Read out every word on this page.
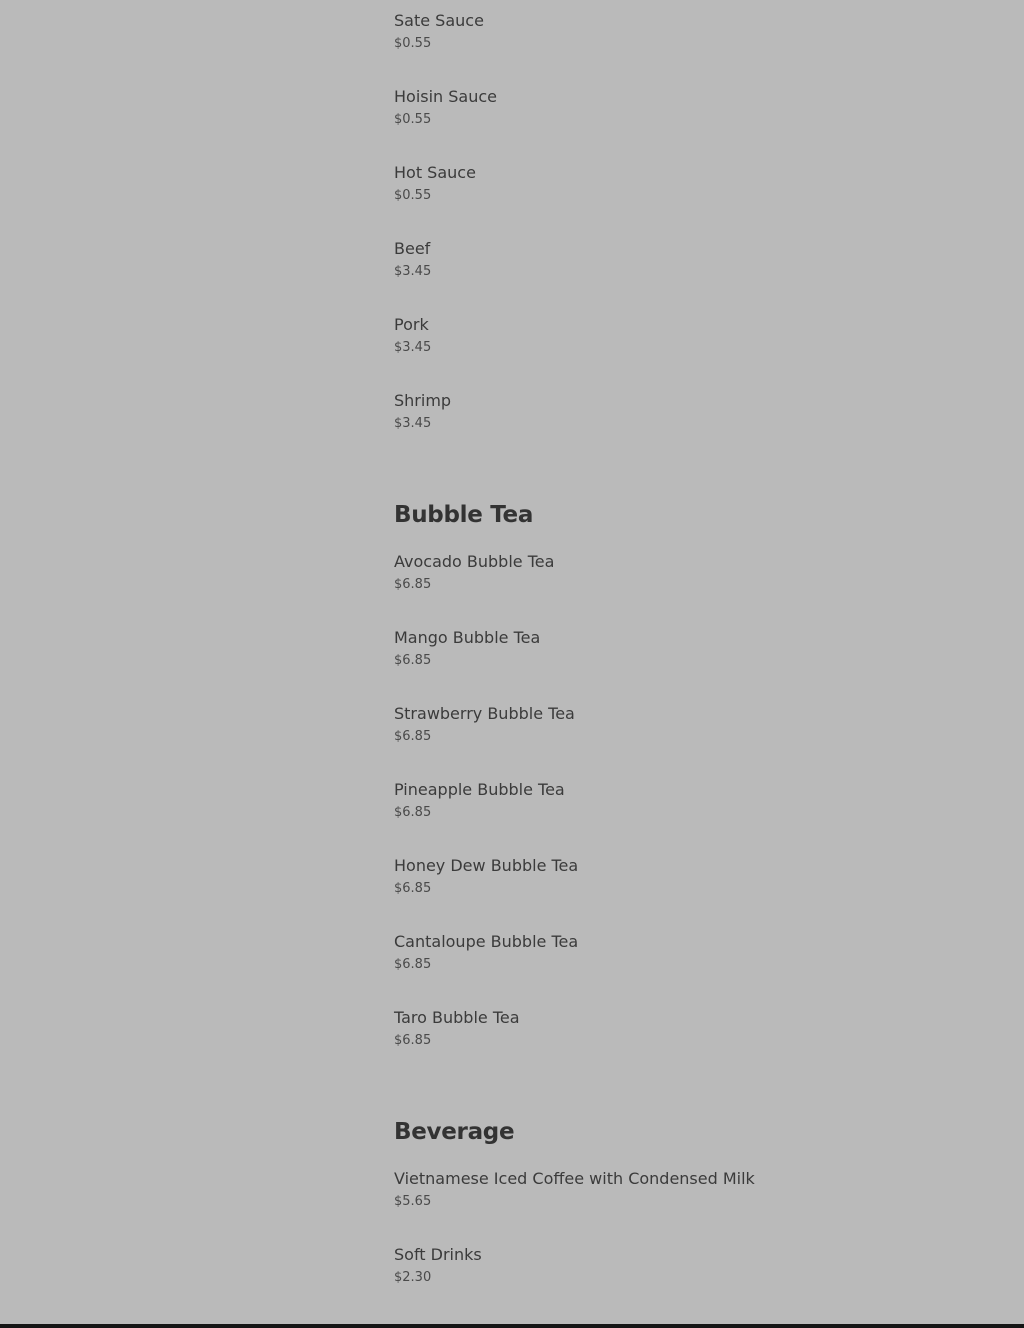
Sate Sauce
$0.55
Hoisin Sauce
$0.55
Hot Sauce
$0.55
Beef
$3.45
Pork
$3.45
Shrimp
$3.45
Bubble Tea
Avocado Bubble Tea
$6.85
Mango Bubble Tea
$6.85
Strawberry Bubble Tea
$6.85
Pineapple Bubble Tea
$6.85
Honey Dew Bubble Tea
$6.85
Cantaloupe Bubble Tea
$6.85
Taro Bubble Tea
$6.85
Beverage
Vietnamese Iced Coffee with Condensed Milk
$5.65
Soft Drinks
$2.30
